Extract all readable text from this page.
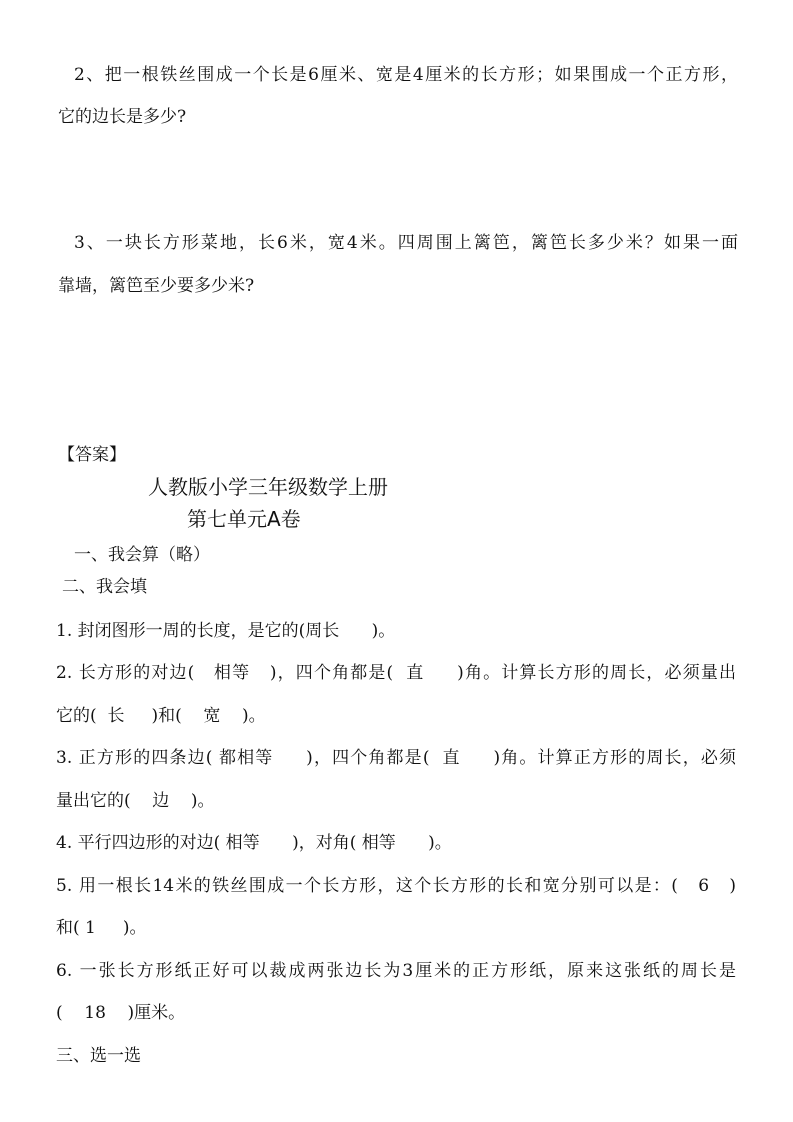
2、把一根铁丝围成一个长是6厘米、宽是4厘米的长方形；如果围成一个正方形，
它的边长是多少?
3、一块长方形菜地，长6米，宽4米。四周围上篱笆，篱笆长多少米？如果一面
靠墙，篱笆至少要多少米?
【答案】
人教版小学三年级数学上册
第七单元A卷
一、我会算（略）
二、我会填
1. 封闭图形一周的长度，是它的(周长      )。
2. 长方形的对边(   相等   )，四个角都是(  直     )角。计算长方形的周长，必须量出
它的(  长     )和(    宽    )。
3. 正方形的四条边( 都相等     )，四个角都是(  直     )角。计算正方形的周长，必须
量出它的(    边    )。
4. 平行四边形的对边( 相等      )，对角( 相等      )。
5. 用一根长14米的铁丝围成一个长方形，这个长方形的长和宽分别可以是：(   6   )
和( 1     )。
6. 一张长方形纸正好可以裁成两张边长为3厘米的正方形纸，原来这张纸的周长是
(    18    )厘米。
三、选一选
